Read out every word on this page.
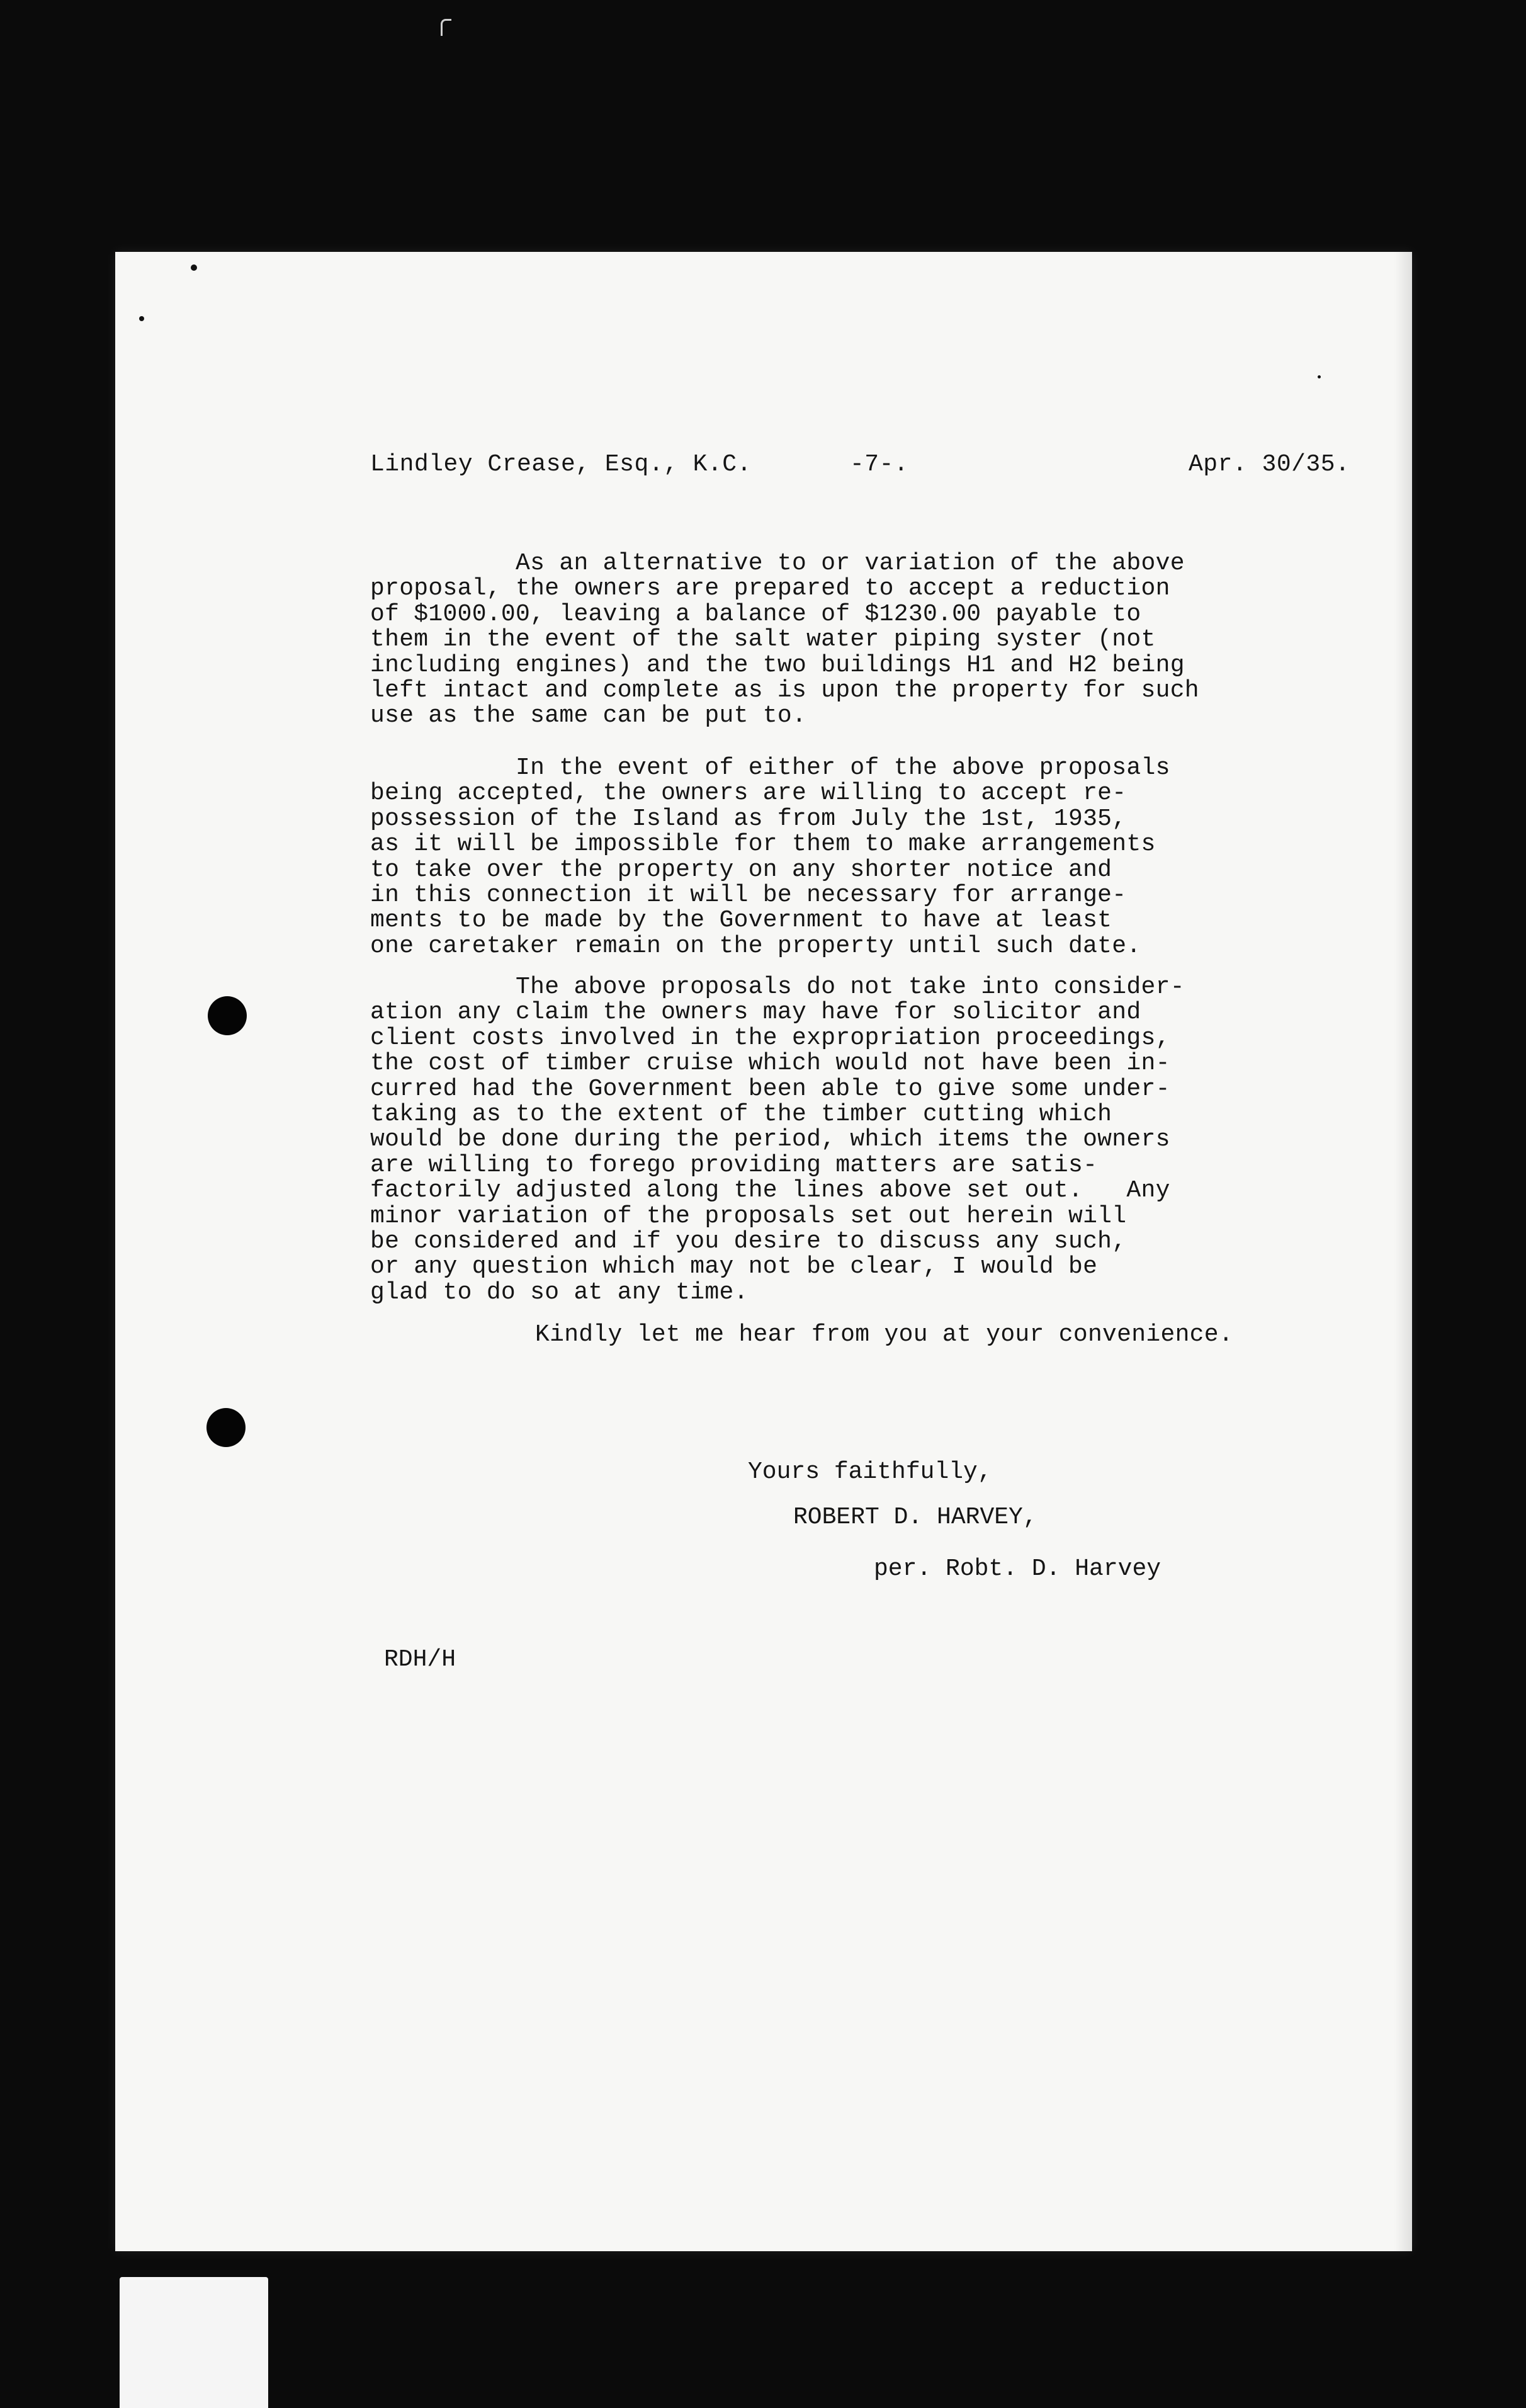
Lindley Crease, Esq., K.C.	-7-.	Apr. 30/35.

As an alternative to or variation of the above
proposal, the owners are prepared to accept a reduction
of $1000.00, leaving a balance of $1230.00 payable to
them in the event of the salt water piping syster (not
including engines) and the two buildings H1 and H2 being
left intact and complete as is upon the property for such
use as the same can be put to.

In the event of either of the above proposals
being accepted, the owners are willing to accept re-
possession of the Island as from July the 1st, 1935,
as it will be impossible for them to make arrangements
to take over the property on any shorter notice and
in this connection it will be necessary for arrange-
ments to be made by the Government to have at least
one caretaker remain on the property until such date.

The above proposals do not take into consider-
ation any claim the owners may have for solicitor and
client costs involved in the expropriation proceedings,
the cost of timber cruise which would not have been in-
curred had the Government been able to give some under-
taking as to the extent of the timber cutting which
would be done during the period, which items the owners
are willing to forego providing matters are satis-
factorily adjusted along the lines above set out.   Any
minor variation of the proposals set out herein will
be considered and if you desire to discuss any such,
or any question which may not be clear, I would be
glad to do so at any time.

Kindly let me hear from you at your convenience.

Yours faithfully,
ROBERT D. HARVEY,
per. Robt. D. Harvey
RDH/H
